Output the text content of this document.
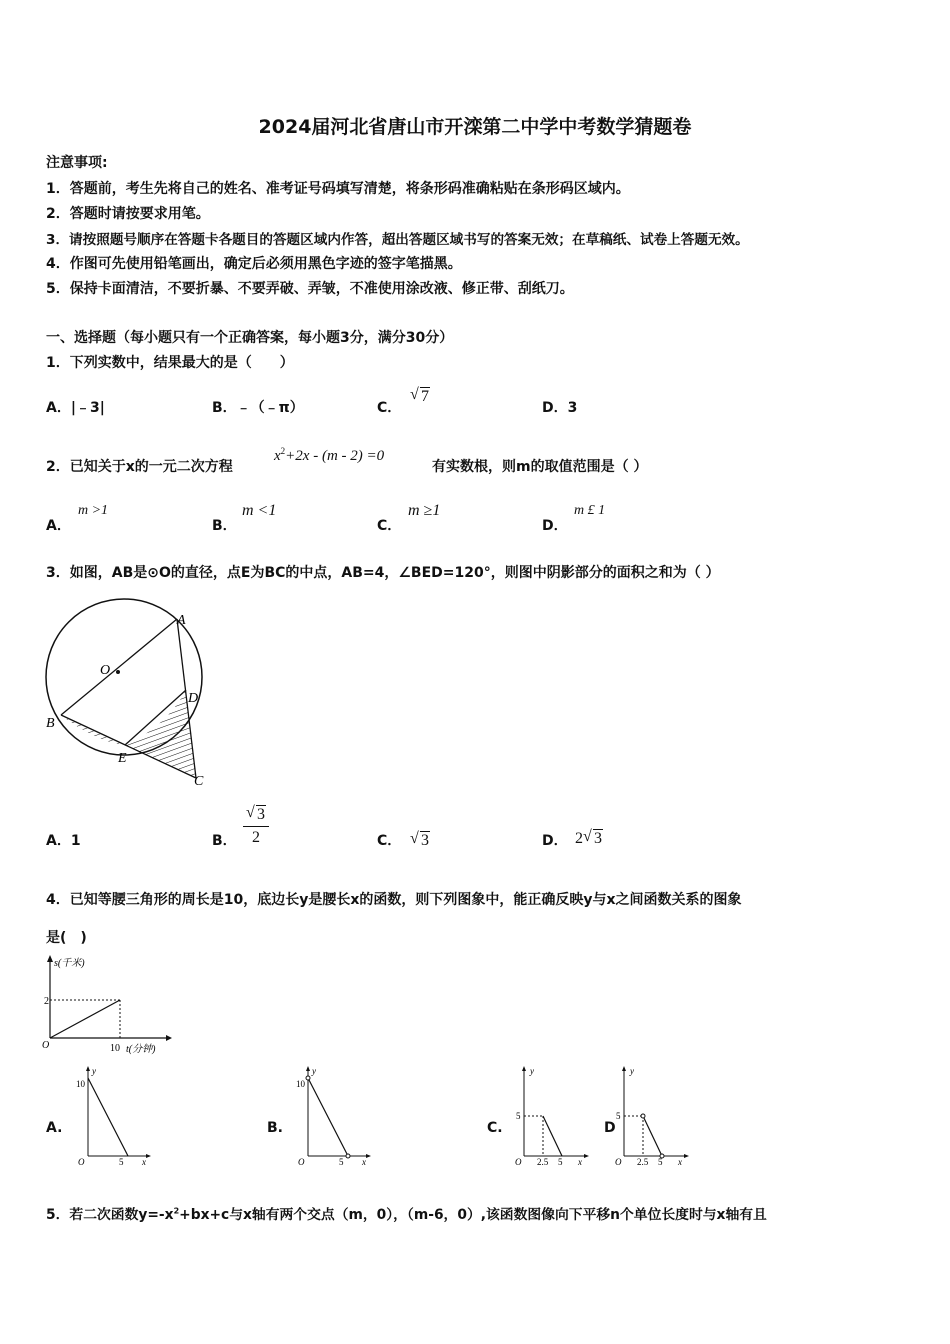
2024届河北省唐山市开滦第二中学中考数学猜题卷
注意事项:
1．答题前，考生先将自己的姓名、准考证号码填写清楚，将条形码准确粘贴在条形码区域内。
2．答题时请按要求用笔。
3．请按照题号顺序在答题卡各题目的答题区域内作答，超出答题区域书写的答案无效；在草稿纸、试卷上答题无效。
4．作图可先使用铅笔画出，确定后必须用黑色字迹的签字笔描黑。
5．保持卡面清洁，不要折暴、不要弄破、弄皱，不准使用涂改液、修正带、刮纸刀。
一、选择题（每小题只有一个正确答案，每小题3分，满分30分）
1．下列实数中，结果最大的是（　　）
A．|﹣3|	B．﹣（﹣π）	C．
√ 7
D．3
2．已知关于x的一元二次方程
$x^2+2x - (m - 2) =0$
有实数根，则m的取值范围是（ ）
A．
m >1
B．
m <1
C．
m ≥1
D．
m £ 1
3．如图，AB是⊙O的直径，点E为BC的中点，AB=4，∠BED=120°，则图中阴影部分的面积之和为（ ）
A
O
D
B
E
C
A．1	B．
√ 3
2	C． √ 3	D． 2 √ 3
4．已知等腰三角形的周长是10，底边长y是腰长x的函数，则下列图象中，能正确反映y与x之间函数关系的图象
是(　)
s(千米)
2
O	10 t(分钟)
A.
y
10
O	5 x
B.
y
10
O	5 x
C.
y
5
O 2.5 5 x
D
y
5
O 2.5 5 x
5．若二次函数$y=-x^2+bx+c$与x轴有两个交点（m，0），（m-6，0）,该函数图像向下平移n个单位长度时与x轴有且
